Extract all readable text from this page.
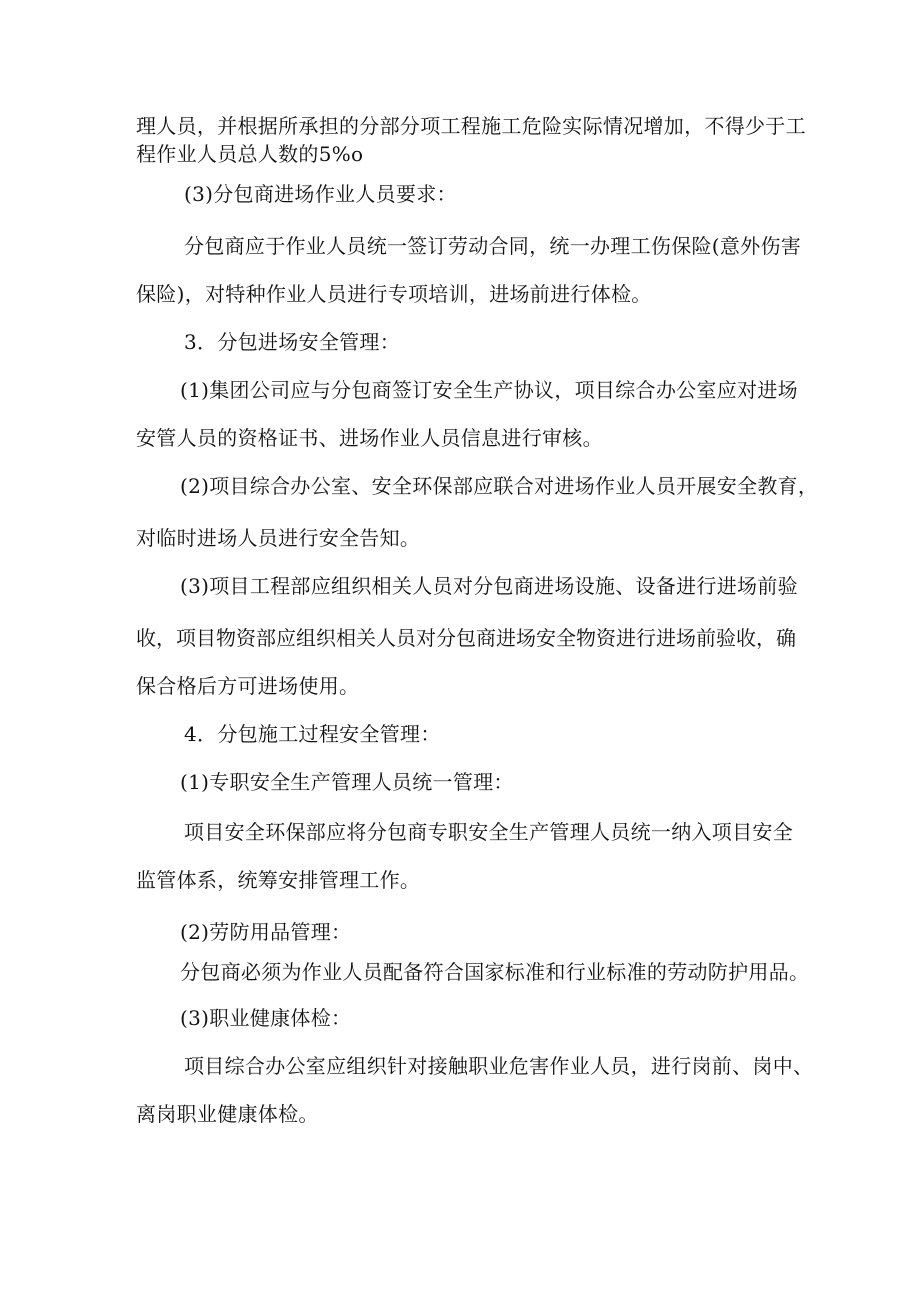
理人员，并根据所承担的分部分项工程施工危险实际情况增加，不得少于工
程作业人员总人数的5%o
(3)分包商进场作业人员要求：
分包商应于作业人员统一签订劳动合同，统一办理工伤保险(意外伤害
保险)，对特种作业人员进行专项培训，进场前进行体检。
3．分包进场安全管理：
(1)集团公司应与分包商签订安全生产协议，项目综合办公室应对进场
安管人员的资格证书、进场作业人员信息进行审核。
(2)项目综合办公室、安全环保部应联合对进场作业人员开展安全教育，
对临时进场人员进行安全告知。
(3)项目工程部应组织相关人员对分包商进场设施、设备进行进场前验
收，项目物资部应组织相关人员对分包商进场安全物资进行进场前验收，确
保合格后方可进场使用。
4．分包施工过程安全管理：
(1)专职安全生产管理人员统一管理：
项目安全环保部应将分包商专职安全生产管理人员统一纳入项目安全
监管体系，统筹安排管理工作。
(2)劳防用品管理：
分包商必须为作业人员配备符合国家标准和行业标准的劳动防护用品。
(3)职业健康体检：
项目综合办公室应组织针对接触职业危害作业人员，进行岗前、岗中、
离岗职业健康体检。
